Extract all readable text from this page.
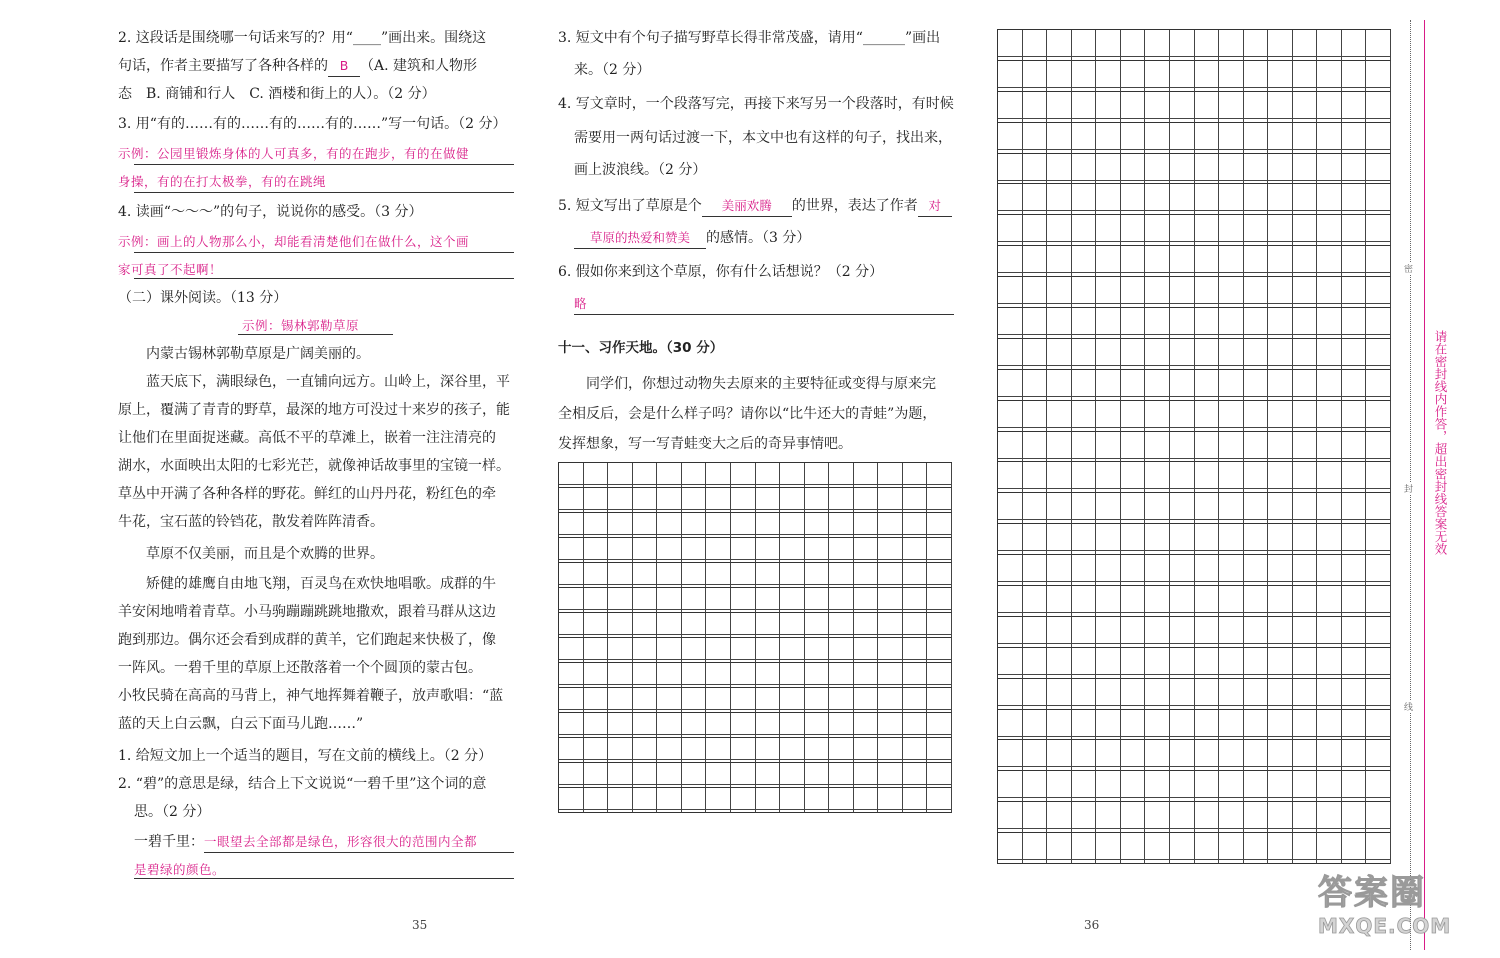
2. 这段话是围绕哪一句话来写的？用“____”画出来。围绕这
句话，作者主要描写了各种各样的 B （A. 建筑和人物形
态　B. 商铺和行人　C. 酒楼和街上的人）。（2 分）
3. 用“有的……有的……有的……有的……”写一句话。（2 分）
示例：公园里锻炼身体的人可真多，有的在跑步，有的在做健
身操，有的在打太极拳，有的在跳绳
4. 读画“～～～”的句子，说说你的感受。（3 分）
示例：画上的人物那么小，却能看清楚他们在做什么，这个画
家可真了不起啊！
（二）课外阅读。（13 分）
示例：锡林郭勒草原
　　内蒙古锡林郭勒草原是广阔美丽的。
　　蓝天底下，满眼绿色，一直铺向远方。山岭上，深谷里，平
原上，覆满了青青的野草，最深的地方可没过十来岁的孩子，能
让他们在里面捉迷藏。高低不平的草滩上，嵌着一注注清亮的
湖水，水面映出太阳的七彩光芒，就像神话故事里的宝镜一样。
草丛中开满了各种各样的野花。鲜红的山丹丹花，粉红色的牵
牛花，宝石蓝的铃铛花，散发着阵阵清香。
　　草原不仅美丽，而且是个欢腾的世界。
　　矫健的雄鹰自由地飞翔，百灵鸟在欢快地唱歌。成群的牛
羊安闲地啃着青草。小马驹蹦蹦跳跳地撒欢，跟着马群从这边
跑到那边。偶尔还会看到成群的黄羊，它们跑起来快极了，像
一阵风。一碧千里的草原上还散落着一个个圆顶的蒙古包。
小牧民骑在高高的马背上，神气地挥舞着鞭子，放声歌唱：“蓝
蓝的天上白云飘，白云下面马儿跑……”
1. 给短文加上一个适当的题目，写在文前的横线上。（2 分）
2. “碧”的意思是绿，结合上下文说说“一碧千里”这个词的意
思。（2 分）
一碧千里：一眼望去全部都是绿色，形容很大的范围内全都
是碧绿的颜色。
3. 短文中有个句子描写野草长得非常茂盛，请用“______”画出
来。（2 分）
4. 写文章时，一个段落写完，再接下来写另一个段落时，有时候
需要用一两句话过渡一下，本文中也有这样的句子，找出来，
画上波浪线。（2 分）
5. 短文写出了草原是个 美丽欢腾 的世界，表达了作者 对
草原的热爱和赞美 的感情。（3 分）
6. 假如你来到这个草原，你有什么话想说？（2 分）
略
十一、习作天地。（30 分）
　　同学们，你想过动物失去原来的主要特征或变得与原来完
全相反后，会是什么样子吗？请你以“比牛还大的青蛙”为题，
发挥想象，写一写青蛙变大之后的奇异事情吧。
35	36
密
封
线
请在密封线内作答，超出密封线答案无效
答案圈
MXQE.COM
